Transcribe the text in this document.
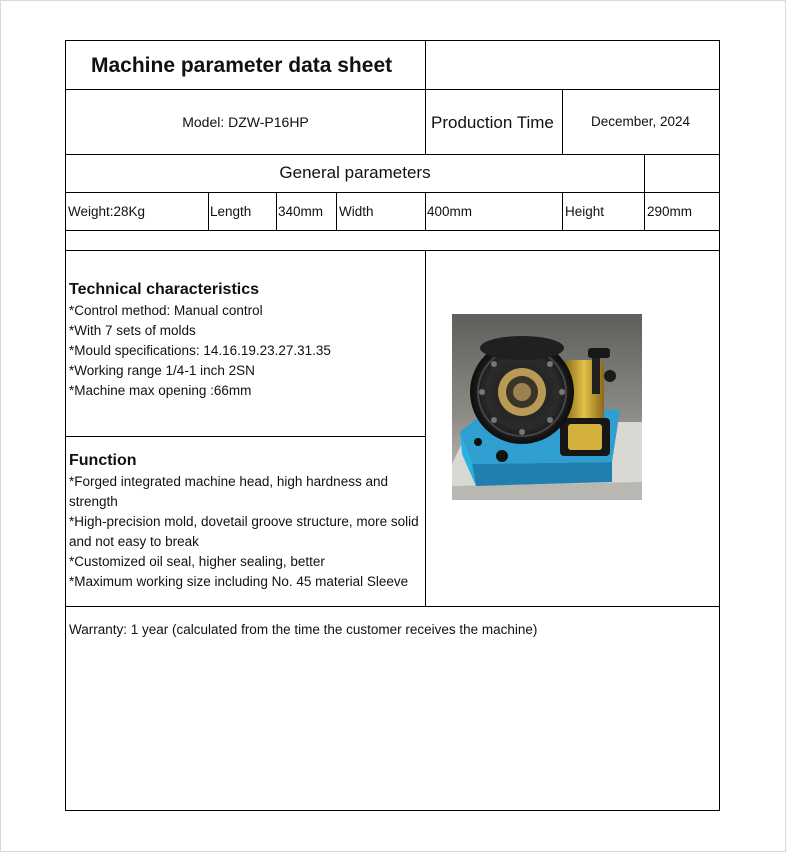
Machine parameter data sheet
Model: DZW-P16HP	Production Time	December, 2024
General parameters
Weight:28Kg	Length 340mm Width	400mm	Height	290mm
Technical characteristics
*Control method: Manual control
*With 7 sets of molds
*Mould specifications: 14.16.19.23.27.31.35
*Working range 1/4-1 inch 2SN
*Machine max opening :66mm
Function
*Forged integrated machine head, high hardness and strength
*High-precision mold, dovetail groove structure, more solid and not easy to break
*Customized oil seal, higher sealing, better
*Maximum working size including No. 45 material Sleeve
Warranty: 1 year (calculated from the time the customer receives the machine)
